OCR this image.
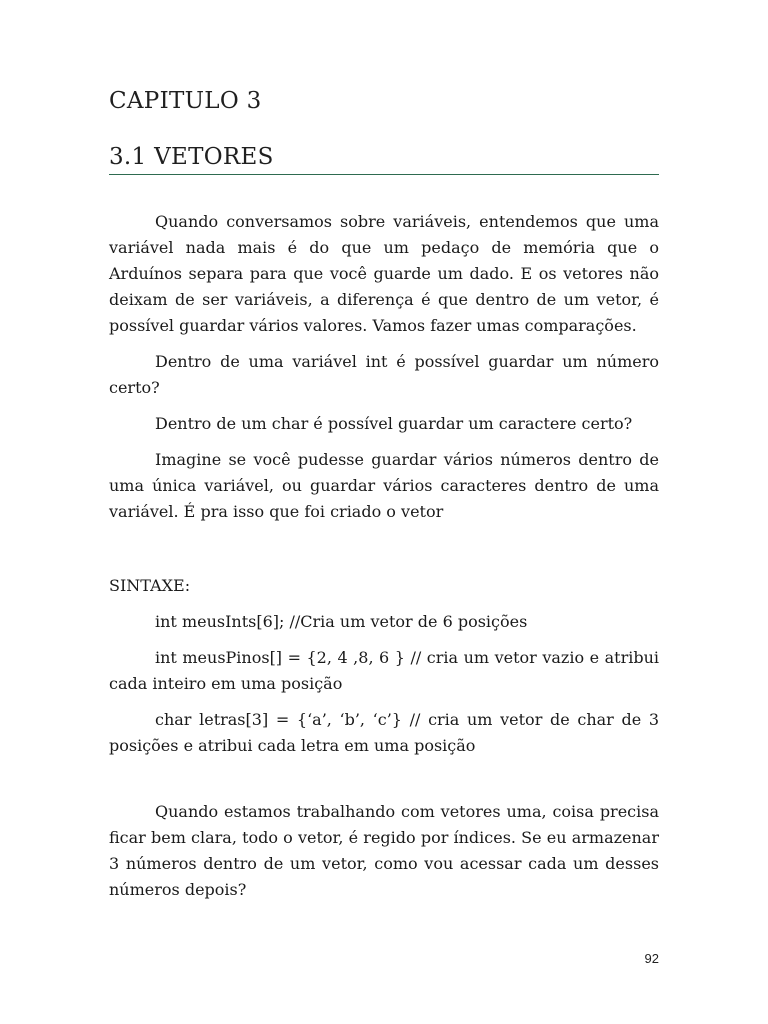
CAPITULO 3
3.1 VETORES

Quando conversamos sobre variáveis, entendemos que uma variável nada mais é do que um pedaço de memória que o Arduínos separa para que você guarde um dado. E os vetores não deixam de ser variáveis, a diferença é que dentro de um vetor, é possível guardar vários valores. Vamos fazer umas comparações.

Dentro de uma variável int é possível guardar um número certo?

Dentro de um char é possível guardar um caractere certo?

Imagine se você pudesse guardar vários números dentro de uma única variável, ou guardar vários caracteres dentro de uma variável. É pra isso que foi criado o vetor

SINTAXE:

int meusInts[6]; //Cria um vetor de 6 posições

int meusPinos[] = {2, 4 ,8, 6 } // cria um vetor vazio e atribui cada inteiro em uma posição

char letras[3] = {‘a’, ‘b’, ‘c’} // cria um vetor de char de 3 posições e atribui cada letra em uma posição

Quando estamos trabalhando com vetores uma, coisa precisa ficar bem clara, todo o vetor, é regido por índices. Se eu armazenar 3 números dentro de um vetor, como vou acessar cada um desses números depois?

92
